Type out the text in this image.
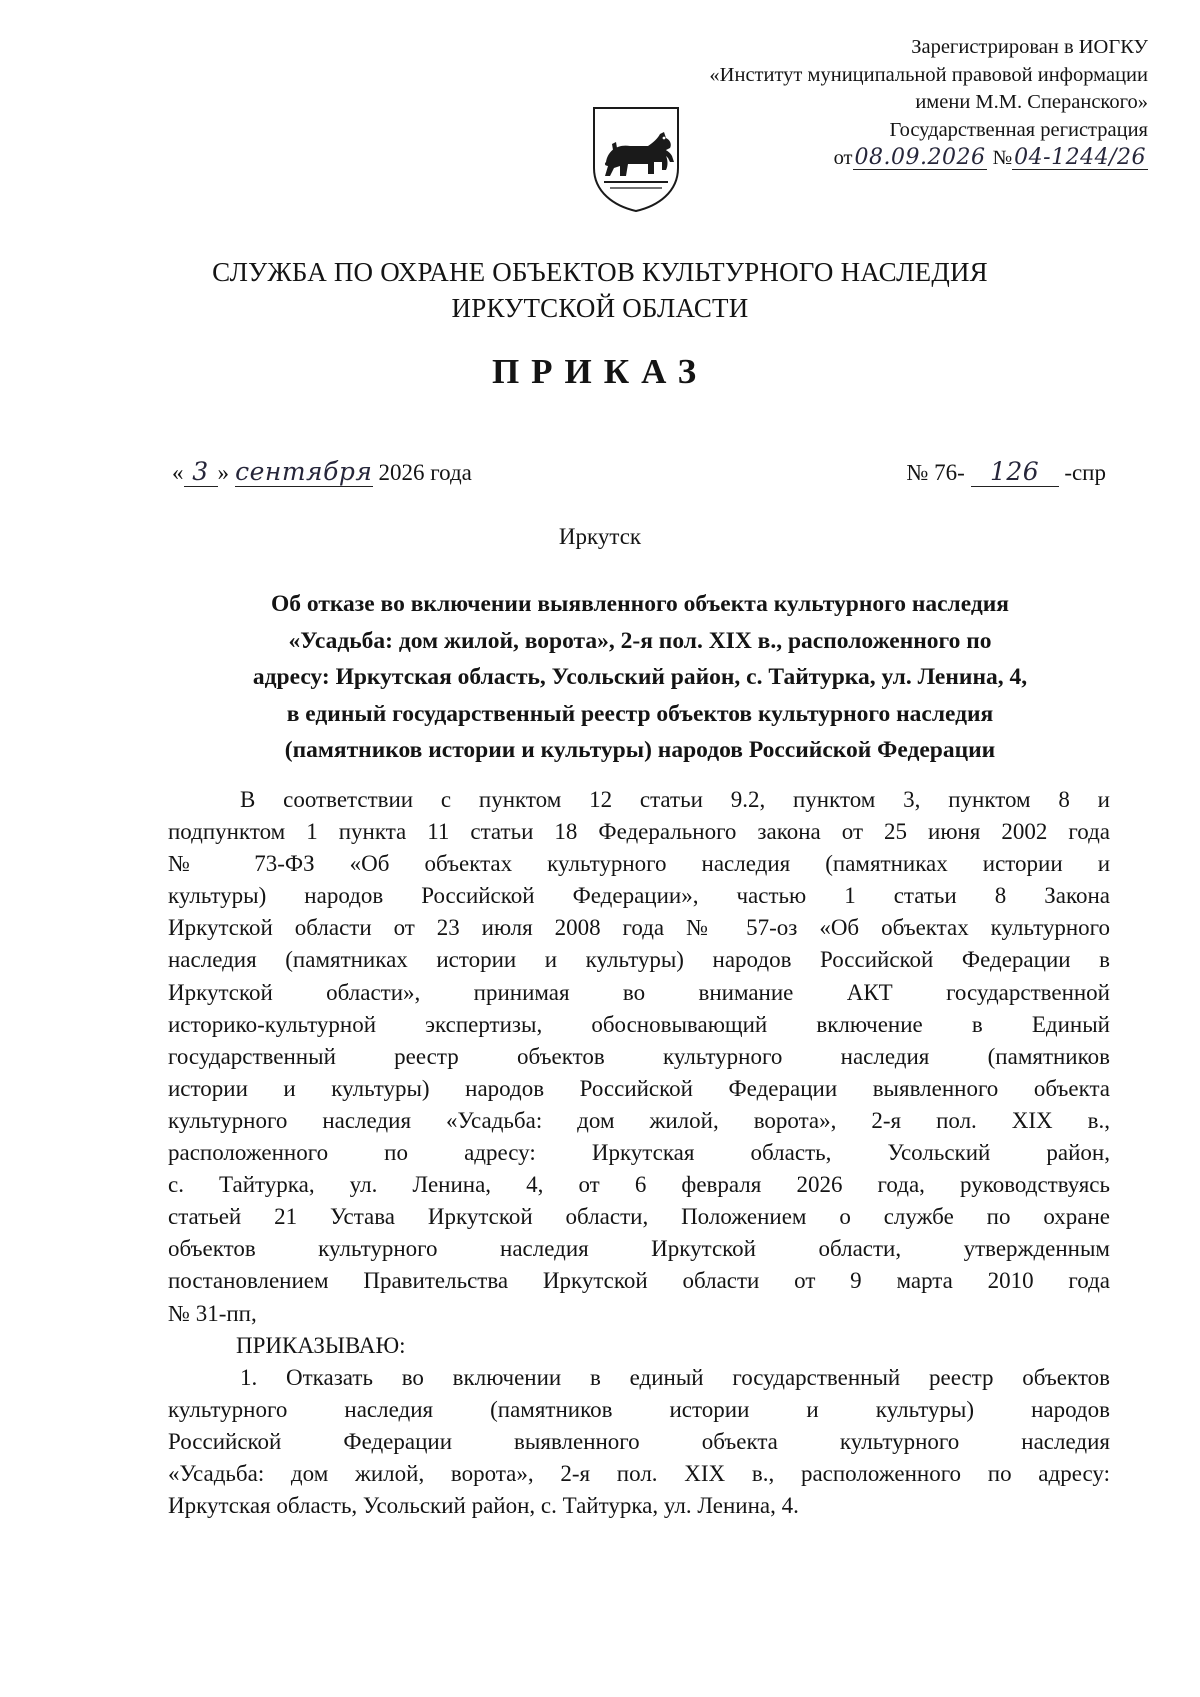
Зарегистрирован в ИОГКУ
«Институт муниципальной правовой информации
имени М.М. Сперанского»
Государственная регистрация
от08.09.2026 №04-1244/26
СЛУЖБА ПО ОХРАНЕ ОБЪЕКТОВ КУЛЬТУРНОГО НАСЛЕДИЯ
ИРКУТСКОЙ ОБЛАСТИ
ПРИКАЗ
« 3 » сентября 2026 года	№ 76- 126 -спр
Иркутск
Об отказе во включении выявленного объекта культурного наследия
«Усадьба: дом жилой, ворота», 2-я пол. XIX в., расположенного по
адресу: Иркутская область, Усольский район, с. Тайтурка, ул. Ленина, 4,
в единый государственный реестр объектов культурного наследия
(памятников истории и культуры) народов Российской Федерации
В соответствии с пунктом 12 статьи 9.2, пунктом 3, пунктом 8 и
подпунктом 1 пункта 11 статьи 18 Федерального закона от 25 июня 2002 года
№ 73-ФЗ «Об объектах культурного наследия (памятниках истории и
культуры) народов Российской Федерации», частью 1 статьи 8 Закона
Иркутской области от 23 июля 2008 года № 57-оз «Об объектах культурного
наследия (памятниках истории и культуры) народов Российской Федерации в
Иркутской области», принимая во внимание АКТ государственной
историко-культурной экспертизы, обосновывающий включение в Единый
государственный реестр объектов культурного наследия (памятников
истории и культуры) народов Российской Федерации выявленного объекта
культурного наследия «Усадьба: дом жилой, ворота», 2-я пол. XIX в.,
расположенного по адресу: Иркутская область, Усольский район,
с. Тайтурка, ул. Ленина, 4, от 6 февраля 2026 года, руководствуясь
статьей 21 Устава Иркутской области, Положением о службе по охране
объектов культурного наследия Иркутской области, утвержденным
постановлением Правительства Иркутской области от 9 марта 2010 года
№ 31-пп,
ПРИКАЗЫВАЮ:
1. Отказать во включении в единый государственный реестр объектов
культурного наследия (памятников истории и культуры) народов
Российской Федерации выявленного объекта культурного наследия
«Усадьба: дом жилой, ворота», 2-я пол. XIX в., расположенного по адресу:
Иркутская область, Усольский район, с. Тайтурка, ул. Ленина, 4.
